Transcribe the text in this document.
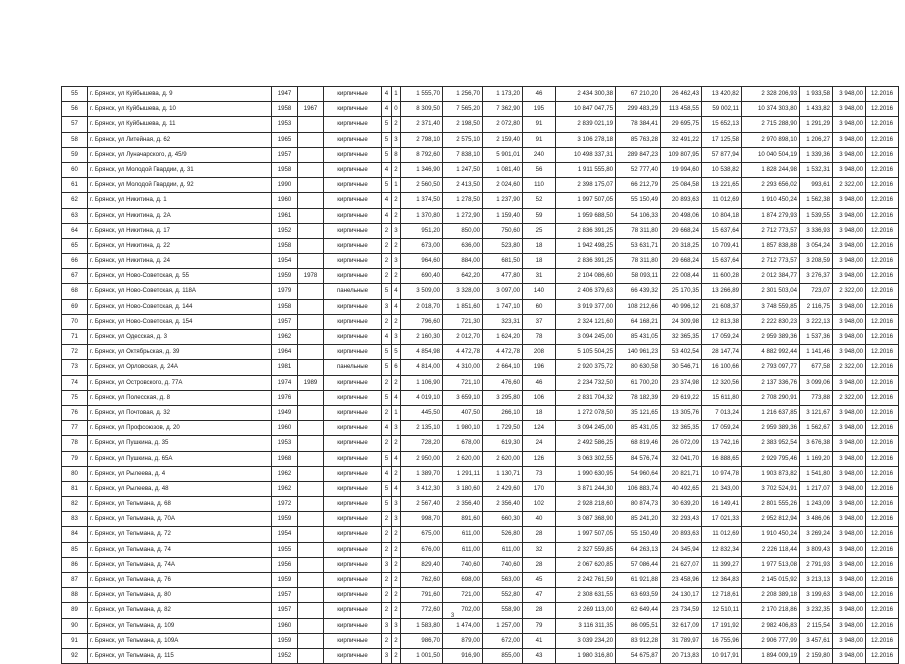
55	г. Брянск, ул Куйбышева, д. 9	1947		кирпичные	4	1	1 555,70	1 256,70	1 173,20	46	2 434 300,38	67 210,20	26 462,43	13 420,82	2 328 206,93	1 933,58	3 948,00	12.2016
56	г. Брянск, ул Куйбышева, д. 10	1958	1967	кирпичные	4	0	8 309,50	7 565,20	7 362,90	195	10 847 047,75	299 483,29	113 458,55	59 002,11	10 374 303,80	1 433,82	3 948,00	12.2016
57	г. Брянск, ул Куйбышева, д. 11	1953		кирпичные	5	2	2 371,40	2 198,50	2 072,80	91	2 839 021,19	78 384,41	29 695,75	15 652,13	2 715 288,90	1 291,29	3 948,00	12.2016
58	г. Брянск, ул Литейная, д. 62	1965		кирпичные	5	3	2 798,10	2 575,10	2 159,40	91	3 106 278,18	85 763,28	32 491,22	17 125,58	2 970 898,10	1 206,27	3 948,00	12.2016
59	г. Брянск, ул Луначарского, д. 45/9	1957		кирпичные	5	8	8 792,60	7 838,10	5 901,01	240	10 498 337,31	289 847,23	109 807,95	57 877,94	10 040 504,19	1 339,36	3 948,00	12.2016
60	г. Брянск, ул Молодой Гвардии, д. 31	1958		кирпичные	4	2	1 346,90	1 247,50	1 081,40	56	1 911 555,80	52 777,40	19 994,60	10 538,82	1 828 244,98	1 532,31	3 948,00	12.2016
61	г. Брянск, ул Молодой Гвардии, д. 92	1990		кирпичные	5	1	2 560,50	2 413,50	2 024,60	110	2 398 175,07	66 212,79	25 084,58	13 221,65	2 293 656,02	993,61	2 322,00	12.2016
62	г. Брянск, ул Никитина, д. 1	1960		кирпичные	4	2	1 374,50	1 278,50	1 237,90	52	1 997 507,05	55 150,49	20 893,63	11 012,69	1 910 450,24	1 562,38	3 948,00	12.2016
63	г. Брянск, ул Никитина, д. 2А	1961		кирпичные	4	2	1 370,80	1 272,90	1 159,40	59	1 959 688,50	54 106,33	20 498,06	10 804,18	1 874 279,93	1 539,55	3 948,00	12.2016
64	г. Брянск, ул Никитина, д. 17	1952		кирпичные	2	3	951,20	850,00	750,60	25	2 836 391,25	78 311,80	29 668,24	15 637,64	2 712 773,57	3 336,93	3 948,00	12.2016
65	г. Брянск, ул Никитина, д. 22	1958		кирпичные	2	2	673,00	636,00	523,80	18	1 942 498,25	53 631,71	20 318,25	10 709,41	1 857 838,88	3 054,24	3 948,00	12.2016
66	г. Брянск, ул Никитина, д. 24	1954		кирпичные	2	3	964,60	884,00	681,50	18	2 836 391,25	78 311,80	29 668,24	15 637,64	2 712 773,57	3 208,59	3 948,00	12.2016
67	г. Брянск, ул Ново-Советская, д. 55	1959	1978	кирпичные	2	2	690,40	642,20	477,80	31	2 104 086,60	58 093,11	22 008,44	11 600,28	2 012 384,77	3 276,37	3 948,00	12.2016
68	г. Брянск, ул Ново-Советская, д. 118А	1979		панельные	5	4	3 509,00	3 328,00	3 097,00	140	2 406 379,63	66 439,32	25 170,35	13 266,89	2 301 503,04	723,07	2 322,00	12.2016
69	г. Брянск, ул Ново-Советская, д. 144	1958		кирпичные	3	4	2 018,70	1 851,60	1 747,10	60	3 919 377,00	108 212,66	40 996,12	21 608,37	3 748 559,85	2 116,75	3 948,00	12.2016
70	г. Брянск, ул Ново-Советская, д. 154	1957		кирпичные	2	2	796,60	721,30	323,31	37	2 324 121,60	64 168,21	24 309,98	12 813,38	2 222 830,23	3 222,13	3 948,00	12.2016
71	г. Брянск, ул Одесская, д. 3	1962		кирпичные	4	3	2 160,30	2 012,70	1 624,20	78	3 094 245,00	85 431,05	32 365,35	17 059,24	2 959 389,36	1 537,36	3 948,00	12.2016
72	г. Брянск, ул Октябрьская, д. 39	1964		кирпичные	5	5	4 854,98	4 472,78	4 472,78	208	5 105 504,25	140 961,23	53 402,54	28 147,74	4 882 992,44	1 141,46	3 948,00	12.2016
73	г. Брянск, ул Орловская, д. 24А	1981		панельные	5	6	4 814,00	4 310,00	2 664,10	196	2 920 375,72	80 630,58	30 546,71	16 100,66	2 793 097,77	677,58	2 322,00	12.2016
74	г. Брянск, ул Островского, д. 77А	1974	1989	кирпичные	2	2	1 106,90	721,10	476,60	46	2 234 732,50	61 700,20	23 374,98	12 320,56	2 137 336,76	3 099,06	3 948,00	12.2016
75	г. Брянск, ул Полесская, д. 8	1976		кирпичные	5	4	4 019,10	3 659,10	3 295,80	106	2 831 704,32	78 182,39	29 619,22	15 611,80	2 708 290,91	773,88	2 322,00	12.2016
76	г. Брянск, ул Почтовая, д. 32	1949		кирпичные	2	1	445,50	407,50	266,10	18	1 272 078,50	35 121,65	13 305,76	7 013,24	1 216 637,85	3 121,67	3 948,00	12.2016
77	г. Брянск, ул Профсоюзов, д. 20	1960		кирпичные	4	3	2 135,10	1 980,10	1 729,50	124	3 094 245,00	85 431,05	32 365,35	17 059,24	2 959 389,36	1 562,67	3 948,00	12.2016
78	г. Брянск, ул Пушкина, д. 35	1953		кирпичные	2	2	728,20	678,00	619,30	24	2 492 586,25	68 819,46	26 072,09	13 742,16	2 383 952,54	3 676,38	3 948,00	12.2016
79	г. Брянск, ул Пушкина, д. 65А	1968		кирпичные	5	4	2 950,00	2 620,00	2 620,00	126	3 063 302,55	84 576,74	32 041,70	16 888,65	2 929 795,46	1 169,20	3 948,00	12.2016
80	г. Брянск, ул Рылеева, д. 4	1962		кирпичные	4	2	1 389,70	1 291,11	1 130,71	73	1 990 630,95	54 960,64	20 821,71	10 974,78	1 903 873,82	1 541,80	3 948,00	12.2016
81	г. Брянск, ул Рылеева, д. 48	1962		кирпичные	5	4	3 412,30	3 180,60	2 429,60	170	3 871 244,30	106 883,74	40 492,65	21 343,00	3 702 524,91	1 217,07	3 948,00	12.2016
82	г. Брянск, ул Тельмана, д. 68	1972		кирпичные	5	3	2 567,40	2 356,40	2 356,40	102	2 928 218,60	80 874,73	30 639,20	16 149,41	2 801 555,26	1 243,09	3 948,00	12.2016
83	г. Брянск, ул Тельмана, д. 70А	1959		кирпичные	2	3	998,70	891,60	660,30	40	3 087 368,90	85 241,20	32 293,43	17 021,33	2 952 812,94	3 486,06	3 948,00	12.2016
84	г. Брянск, ул Тельмана, д. 72	1954		кирпичные	2	2	675,00	611,00	526,80	28	1 997 507,05	55 150,49	20 893,63	11 012,69	1 910 450,24	3 269,24	3 948,00	12.2016
85	г. Брянск, ул Тельмана, д. 74	1955		кирпичные	2	2	676,00	611,00	611,00	32	2 327 559,85	64 263,13	24 345,94	12 832,34	2 226 118,44	3 809,43	3 948,00	12.2016
86	г. Брянск, ул Тельмана, д. 74А	1956		кирпичные	3	2	829,40	740,60	740,60	28	2 067 620,85	57 086,44	21 627,07	11 399,27	1 977 513,08	2 791,93	3 948,00	12.2016
87	г. Брянск, ул Тельмана, д. 76	1959		кирпичные	2	2	762,60	698,00	563,00	45	2 242 761,59	61 921,88	23 458,96	12 364,83	2 145 015,92	3 213,13	3 948,00	12.2016
88	г. Брянск, ул Тельмана, д. 80	1957		кирпичные	2	2	791,60	721,00	552,80	47	2 308 631,55	63 693,59	24 130,17	12 718,61	2 208 389,18	3 199,63	3 948,00	12.2016
89	г. Брянск, ул Тельмана, д. 82	1957		кирпичные	2	2	772,60	702,00	558,90	28	2 269 113,00	62 649,44	23 734,59	12 510,11	2 170 218,86	3 232,35	3 948,00	12.2016
90	г. Брянск, ул Тельмана, д. 109	1960		кирпичные	3	3	1 583,80	1 474,00	1 257,00	79	3 116 311,35	86 095,51	32 617,09	17 191,92	2 982 406,83	2 115,54	3 948,00	12.2016
91	г. Брянск, ул Тельмана, д. 109А	1959		кирпичные	2	2	986,70	879,00	672,00	41	3 039 234,20	83 912,28	31 789,97	16 755,96	2 906 777,99	3 457,61	3 948,00	12.2016
92	г. Брянск, ул Тельмана, д. 115	1952		кирпичные	3	2	1 001,50	916,90	855,00	43	1 980 316,80	54 675,87	20 713,83	10 917,91	1 894 009,19	2 159,80	3 948,00	12.2016
3
